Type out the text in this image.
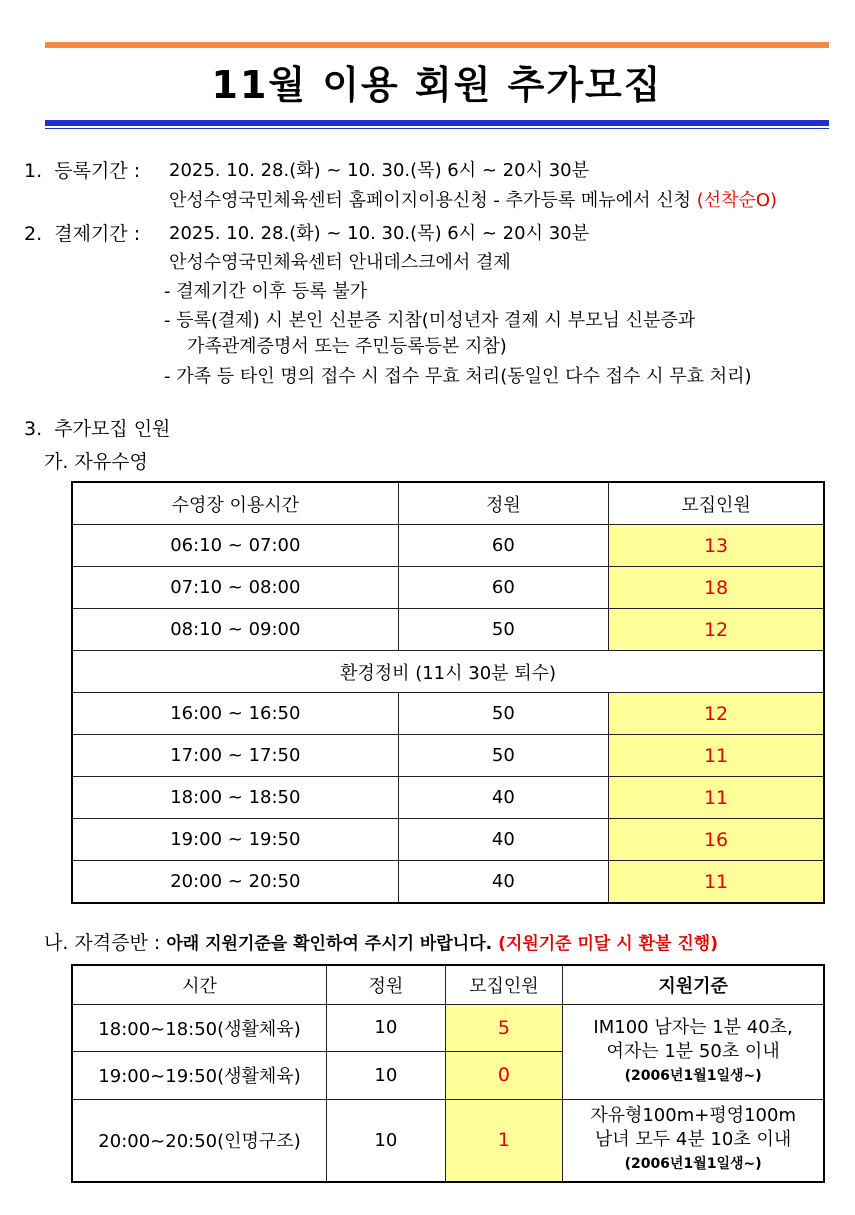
11월 이용 회원 추가모집
1. 등록기간 : 2025. 10. 28.(화) ~ 10. 30.(목) 6시 ~ 20시 30분
안성수영국민체육센터 홈페이지이용신청 - 추가등록 메뉴에서 신청 (선착순O)
2. 결제기간 : 2025. 10. 28.(화) ~ 10. 30.(목) 6시 ~ 20시 30분
안성수영국민체육센터 안내데스크에서 결제
- 결제기간 이후 등록 불가
- 등록(결제) 시 본인 신분증 지참(미성년자 결제 시 부모님 신분증과
가족관계증명서 또는 주민등록등본 지참)
- 가족 등 타인 명의 접수 시 접수 무효 처리(동일인 다수 접수 시 무효 처리)
3. 추가모집 인원
가. 자유수영
수영장 이용시간	정원	모집인원
06:10 ~ 07:00	60	13
07:10 ~ 08:00	60	18
08:10 ~ 09:00	50	12
환경정비 (11시 30분 퇴수)		
16:00 ~ 16:50	50	12
17:00 ~ 17:50	50	11
18:00 ~ 18:50	40	11
19:00 ~ 19:50	40	16
20:00 ~ 20:50	40	11
나. 자격증반 : 아래 지원기준을 확인하여 주시기 바랍니다. (지원기준 미달 시 환불 진행)
시간	정원	모집인원	지원기준
18:00~18:50(생활체육)	10	5	IM100 남자는 1분 40초,
여자는 1분 50초 이내
(2006년1월1일생~)

19:00~19:50(생활체육)	10	0	
20:00~20:50(인명구조)	10	1	자유형100m+평영100m
남녀 모두 4분 10초 이내
(2006년1월1일생~)
